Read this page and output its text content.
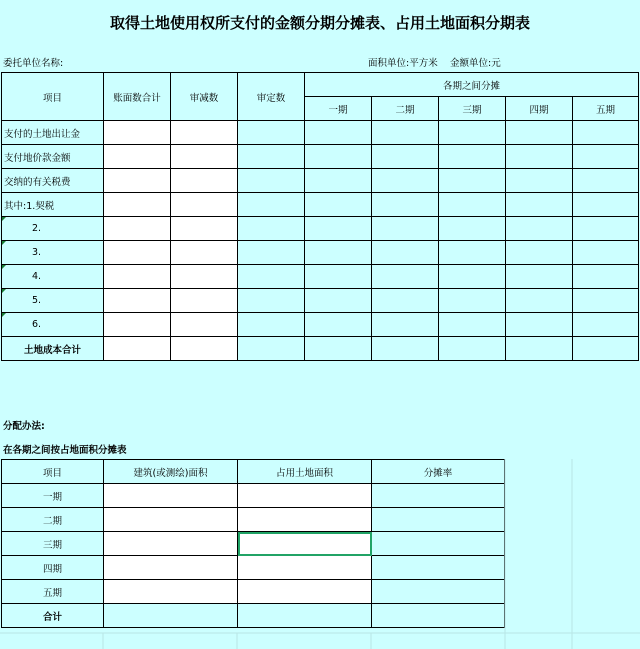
取得土地使用权所支付的金额分期分摊表、占用土地面积分期表
委托单位名称:	面积单位:平方米 金额单位:元
项目	账面数合计	审减数	审定数	各期之间分摊				
				一期	二期	三期	四期	五期
支付的土地出让金								
支付地价款金额								
交纳的有关税费								
其中:1.契税								
2.								
3.								
4.								
5.								
6.								
土地成本合计								
分配办法:
在各期之间按占地面积分摊表
项目	建筑(或测绘)面积	占用土地面积	分摊率
一期			
二期			
三期			
四期			
五期			
合计			
